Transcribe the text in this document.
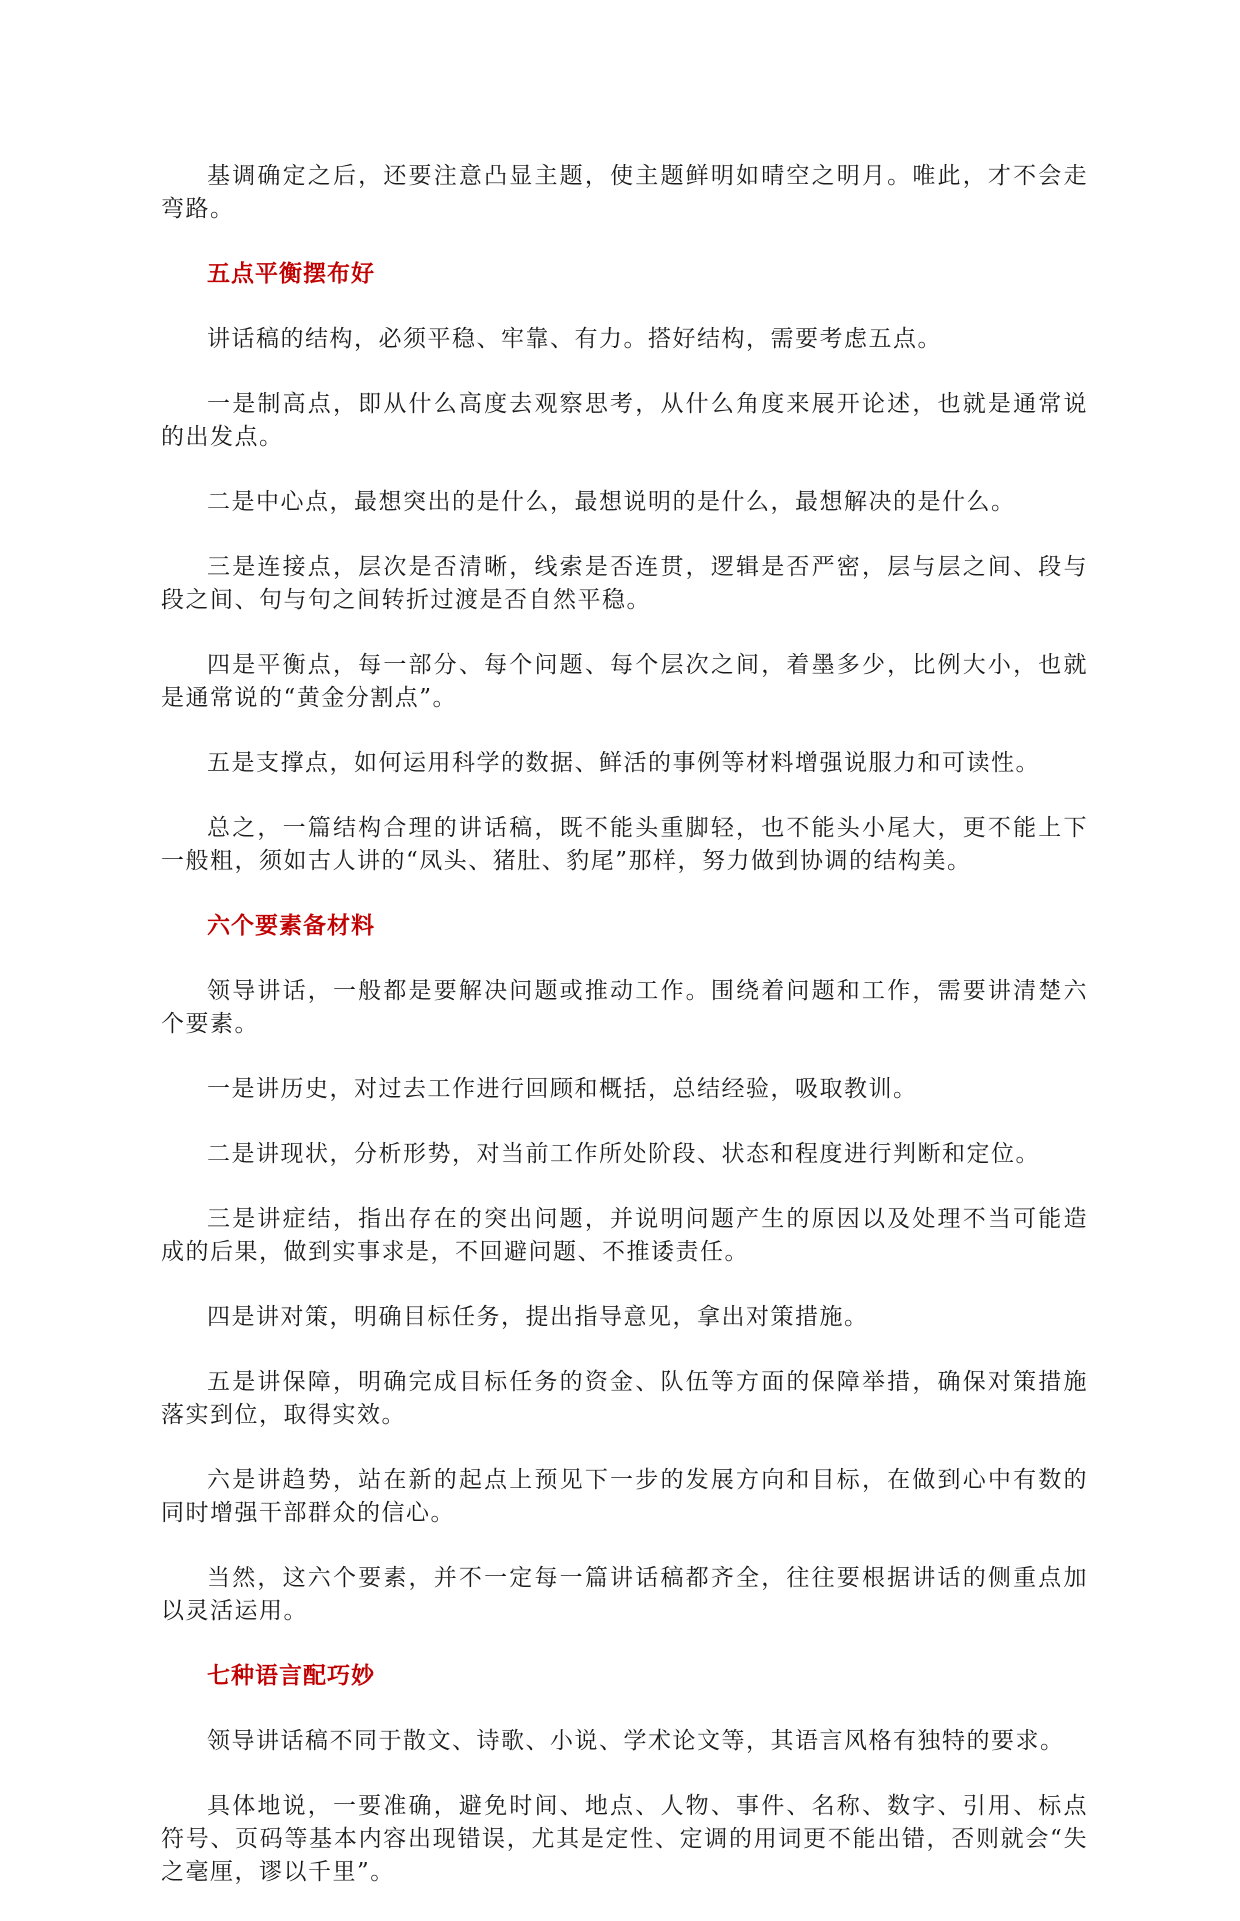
基调确定之后，还要注意凸显主题，使主题鲜明如晴空之明月。唯此，才不会走弯路。

五点平衡摆布好

讲话稿的结构，必须平稳、牢靠、有力。搭好结构，需要考虑五点。

一是制高点，即从什么高度去观察思考，从什么角度来展开论述，也就是通常说的出发点。

二是中心点，最想突出的是什么，最想说明的是什么，最想解决的是什么。

三是连接点，层次是否清晰，线索是否连贯，逻辑是否严密，层与层之间、段与段之间、句与句之间转折过渡是否自然平稳。

四是平衡点，每一部分、每个问题、每个层次之间，着墨多少，比例大小，也就是通常说的“黄金分割点”。

五是支撑点，如何运用科学的数据、鲜活的事例等材料增强说服力和可读性。

总之，一篇结构合理的讲话稿，既不能头重脚轻，也不能头小尾大，更不能上下一般粗，须如古人讲的“凤头、猪肚、豹尾”那样，努力做到协调的结构美。

六个要素备材料

领导讲话，一般都是要解决问题或推动工作。围绕着问题和工作，需要讲清楚六个要素。

一是讲历史，对过去工作进行回顾和概括，总结经验，吸取教训。

二是讲现状，分析形势，对当前工作所处阶段、状态和程度进行判断和定位。

三是讲症结，指出存在的突出问题，并说明问题产生的原因以及处理不当可能造成的后果，做到实事求是，不回避问题、不推诿责任。

四是讲对策，明确目标任务，提出指导意见，拿出对策措施。

五是讲保障，明确完成目标任务的资金、队伍等方面的保障举措，确保对策措施落实到位，取得实效。

六是讲趋势，站在新的起点上预见下一步的发展方向和目标，在做到心中有数的同时增强干部群众的信心。

当然，这六个要素，并不一定每一篇讲话稿都齐全，往往要根据讲话的侧重点加以灵活运用。

七种语言配巧妙

领导讲话稿不同于散文、诗歌、小说、学术论文等，其语言风格有独特的要求。

具体地说，一要准确，避免时间、地点、人物、事件、名称、数字、引用、标点符号、页码等基本内容出现错误，尤其是定性、定调的用词更不能出错，否则就会“失之毫厘，谬以千里”。
